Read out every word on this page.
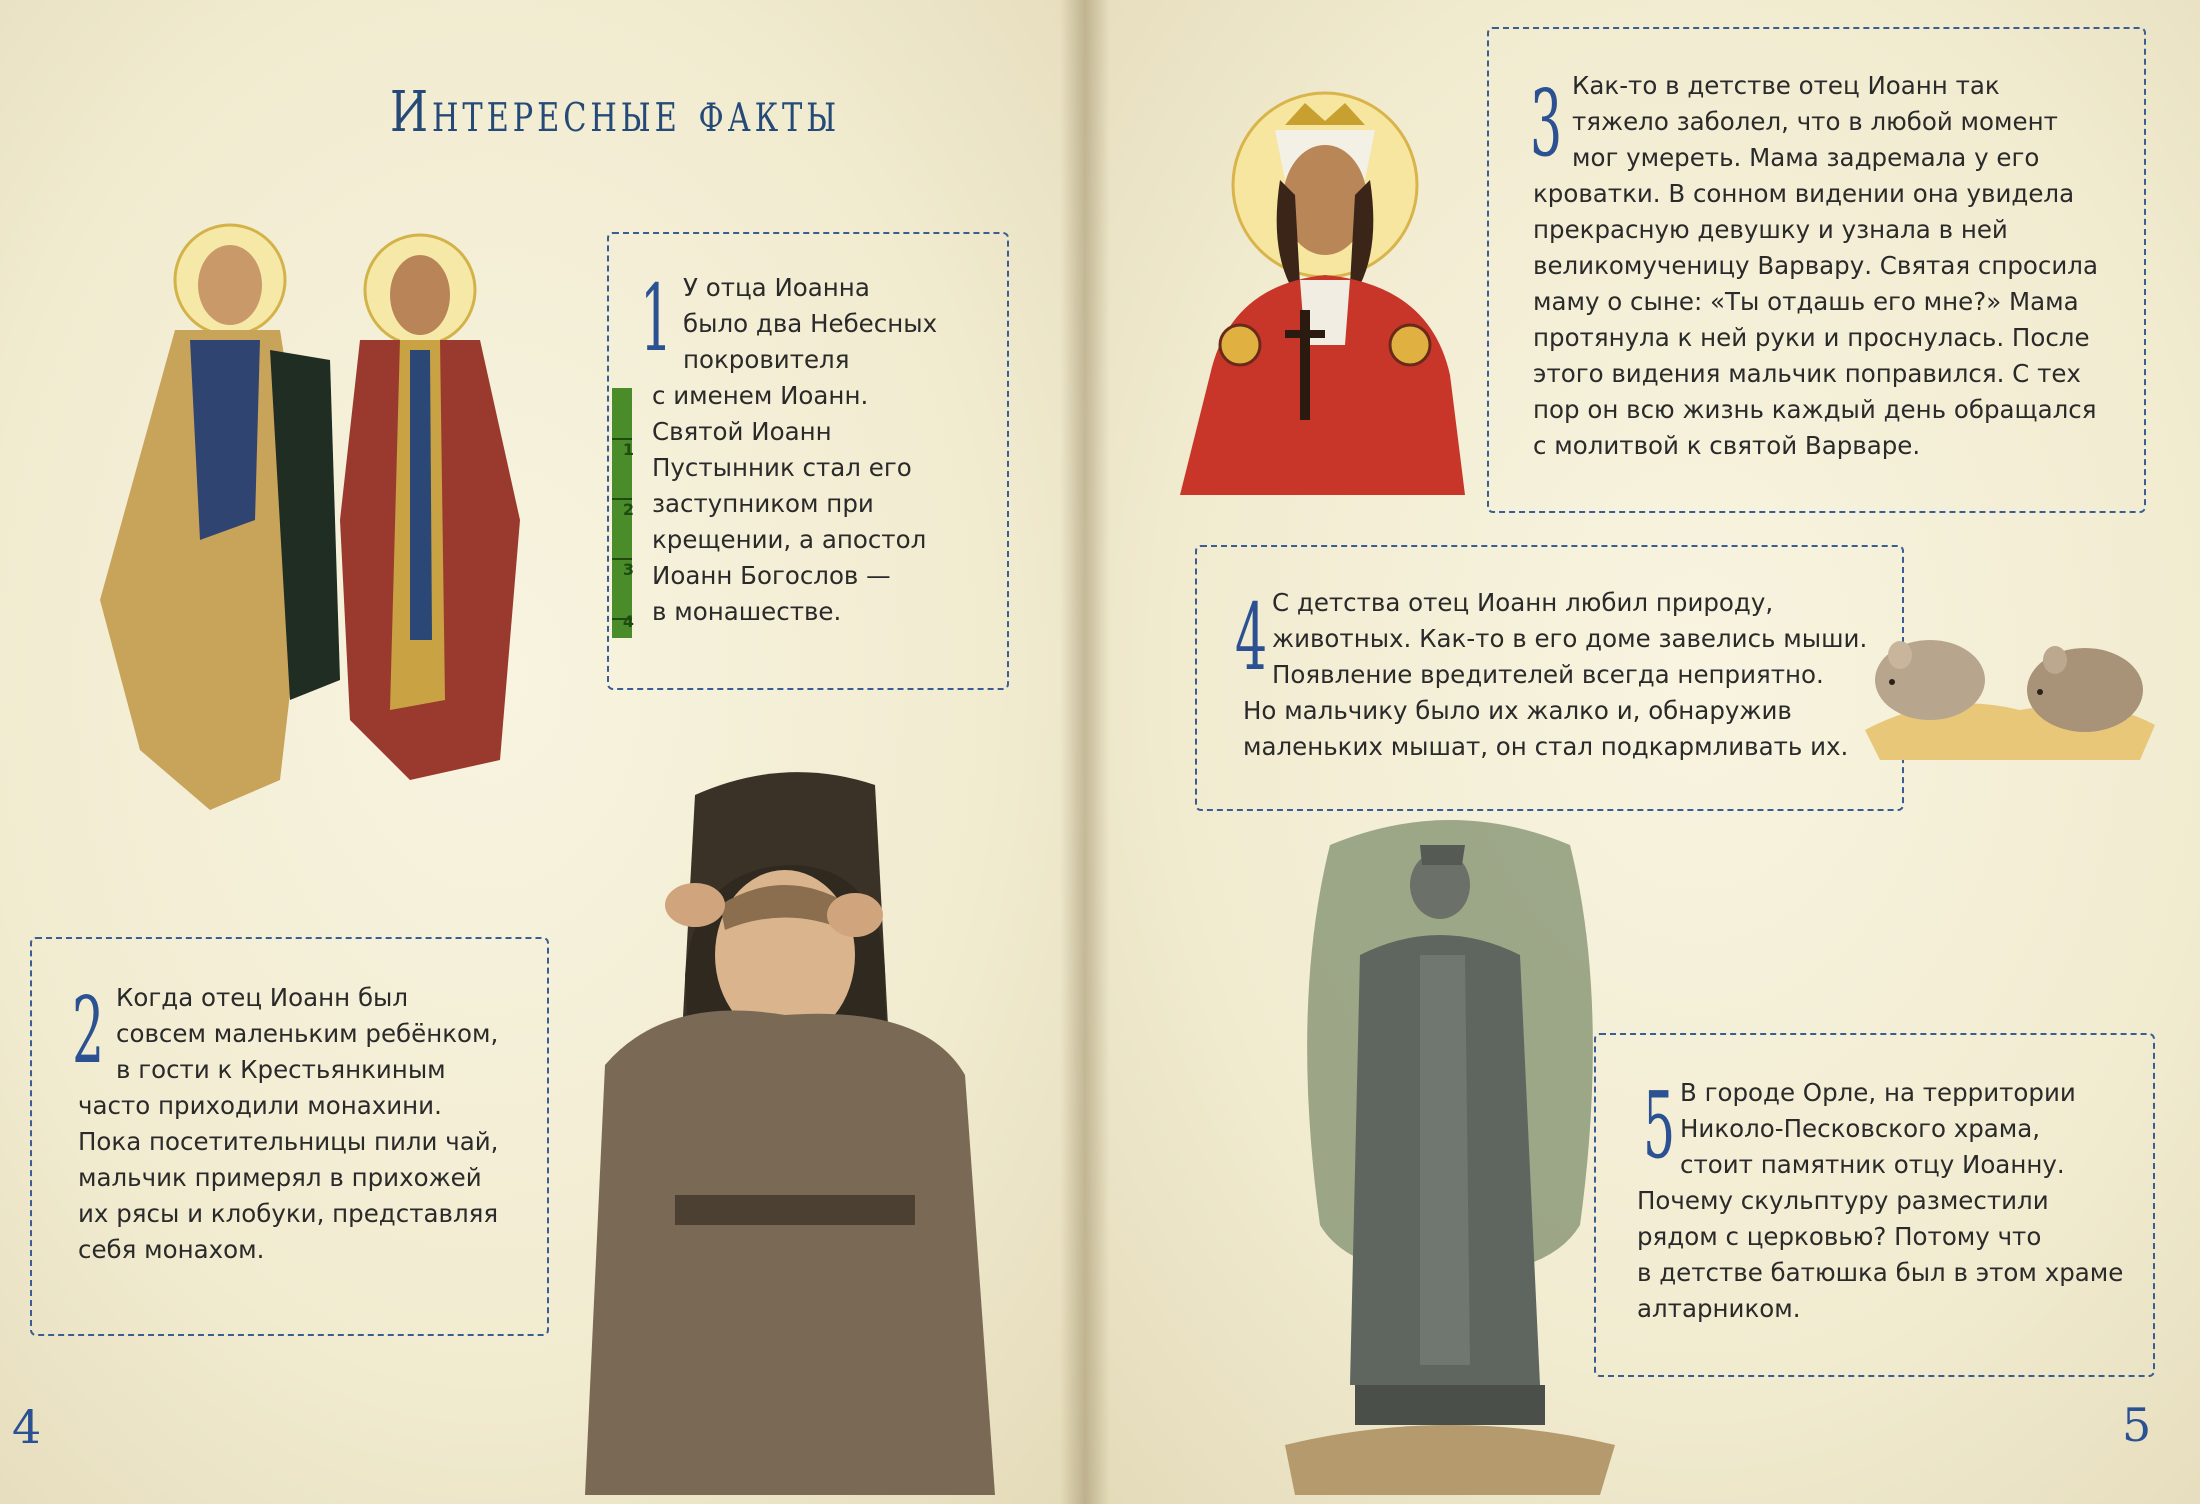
Интересные факты
1 У отца Иоанна
было два Небесных
покровителя
с именем Иоанн.
Святой Иоанн
Пустынник стал его
заступником при
крещении, а апостол
Иоанн Богослов —
в монашестве.
1
2
3
4
2 Когда отец Иоанн был
совсем маленьким ребёнком,
в гости к Крестьянкиным
часто приходили монахини.
Пока посетительницы пили чай,
мальчик примерял в прихожей
их рясы и клобуки, представляя
себя монахом.
3 Как-то в детстве отец Иоанн так
тяжело заболел, что в любой момент
мог умереть. Мама задремала у его
кроватки. В сонном видении она увидела
прекрасную девушку и узнала в ней
великомученицу Варвару. Святая спросила
маму о сыне: «Ты отдашь его мне?» Мама
протянула к ней руки и проснулась. После
этого видения мальчик поправился. С тех
пор он всю жизнь каждый день обращался
с молитвой к святой Варваре.
4 С детства отец Иоанн любил природу,
животных. Как-то в его доме завелись мыши.
Появление вредителей всегда неприятно.
Но мальчику было их жалко и, обнаружив
маленьких мышат, он стал подкармливать их.
5 В городе Орле, на территории
Николо-Песковского храма,
стоит памятник отцу Иоанну.
Почему скульптуру разместили
рядом с церковью? Потому что
в детстве батюшка был в этом храме
алтарником.
4	5
